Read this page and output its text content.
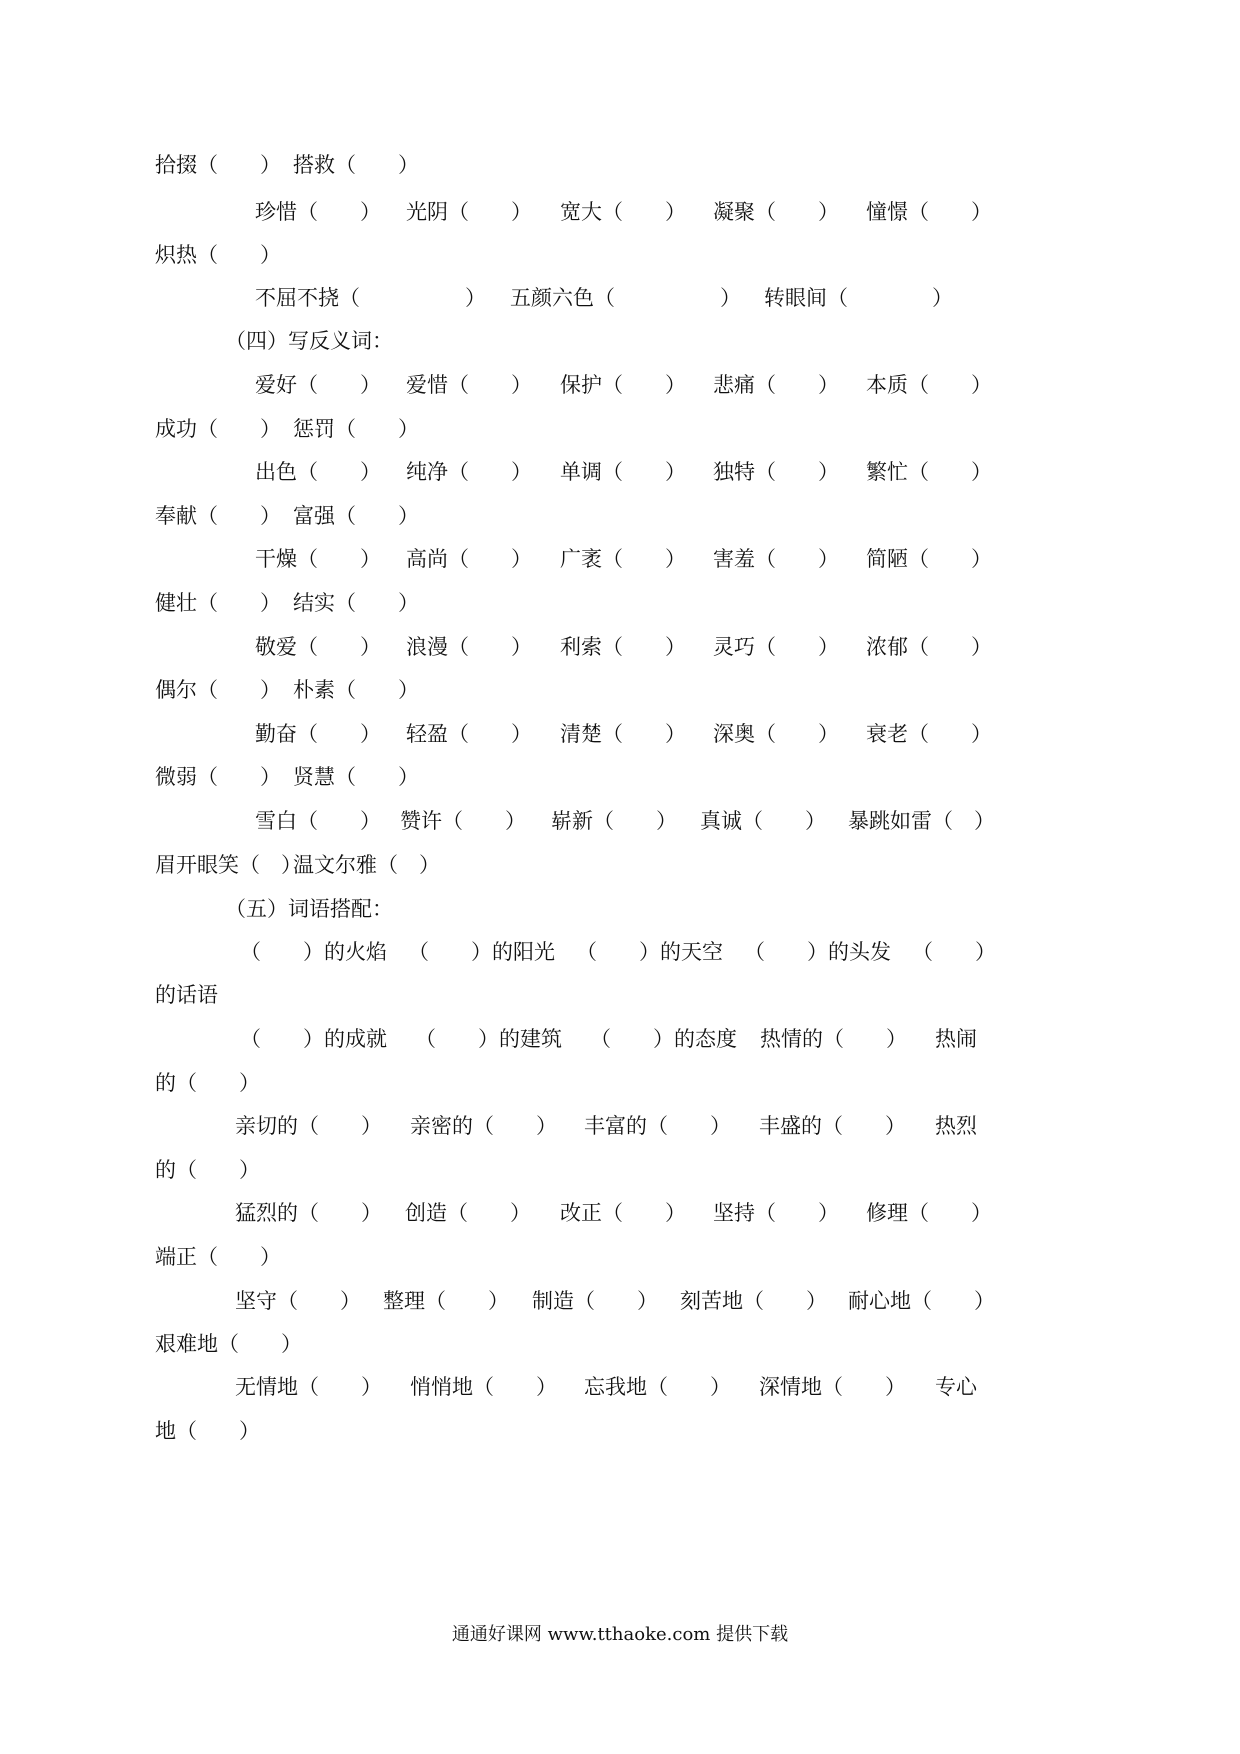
拾掇（　　） 搭救（　　）
珍惜（　　） 光阴（　　） 宽大（　　） 凝聚（　　） 憧憬（　　）
炽热（　　）
不屈不挠（　　　　　） 五颜六色（　　　　　） 转眼间（　　　　）
（四）写反义词：
爱好（　　） 爱惜（　　） 保护（　　） 悲痛（　　） 本质（　　）
成功（　　） 惩罚（　　）
出色（　　） 纯净（　　） 单调（　　） 独特（　　） 繁忙（　　）
奉献（　　） 富强（　　）
干燥（　　） 高尚（　　） 广袤（　　） 害羞（　　） 简陋（　　）
健壮（　　） 结实（　　）
敬爱（　　） 浪漫（　　） 利索（　　） 灵巧（　　） 浓郁（　　）
偶尔（　　） 朴素（　　）
勤奋（　　） 轻盈（　　） 清楚（　　） 深奥（　　） 衰老（　　）
微弱（　　） 贤慧（　　）
雪白（　　） 赞许（　　） 崭新（　　） 真诚（　　） 暴跳如雷（　）
眉开眼笑（　）
温文尔雅（　）
（五）词语搭配：
（　　）的火焰 （　　）的阳光 （　　）的天空 （　　）的头发 （　　）
的话语
（　　）的成就 （　　）的建筑 （　　）的态度 热情的（　　） 热闹
的（　　）
亲切的（　　） 亲密的（　　） 丰富的（　　） 丰盛的（　　） 热烈
的（　　）
猛烈的（　　） 创造（　　） 改正（　　） 坚持（　　） 修理（　　）
端正（　　）
坚守（　　） 整理（　　） 制造（　　） 刻苦地（　　） 耐心地（　　）
艰难地（　　）
无情地（　　） 悄悄地（　　） 忘我地（　　） 深情地（　　） 专心
地（　　）
通通好课网 www.tthaoke.com 提供下载
